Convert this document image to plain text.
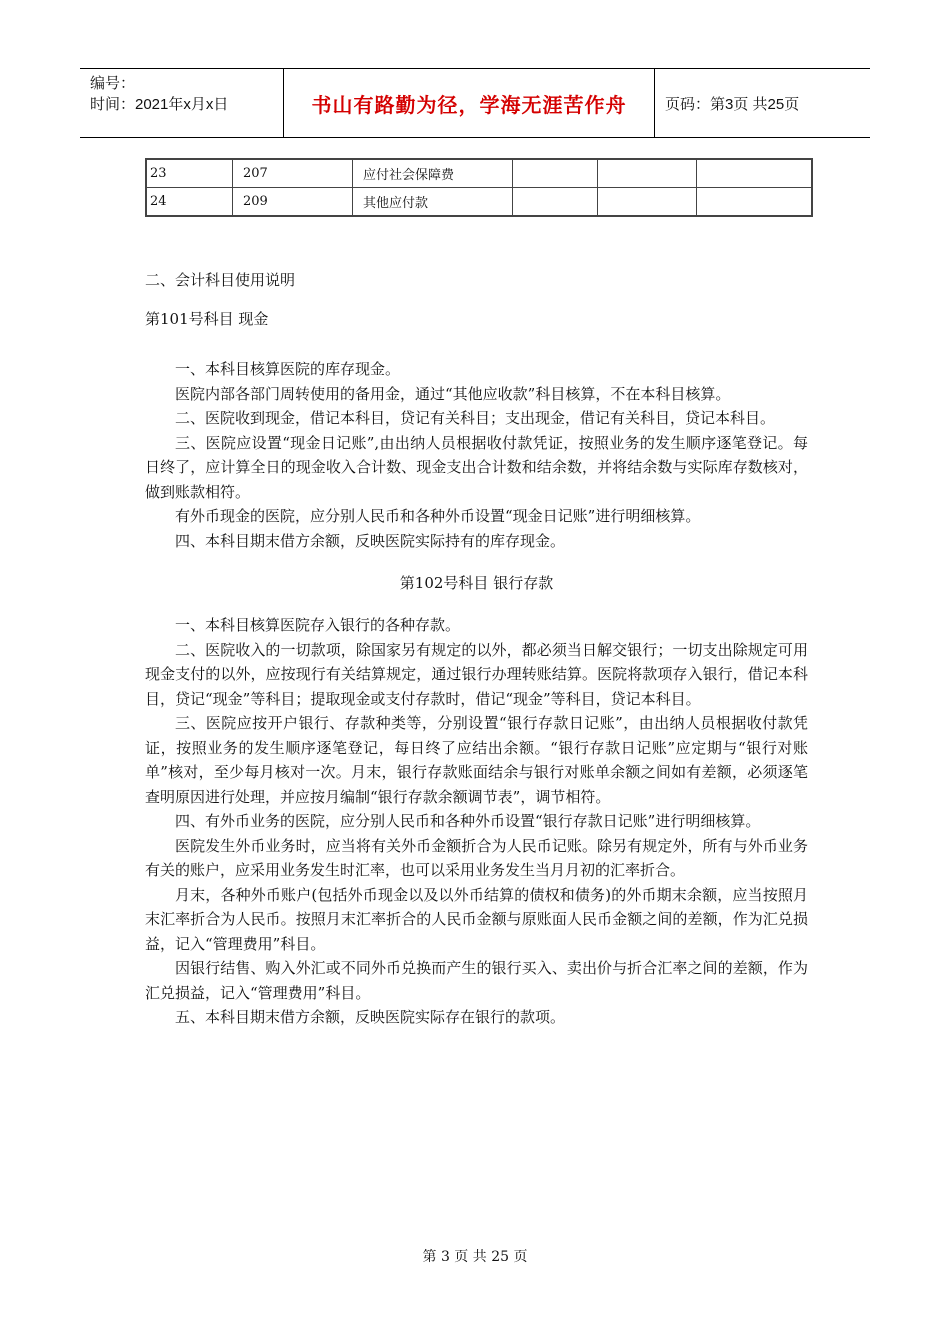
编号：
时间：2021年x月x日	书山有路勤为径，学海无涯苦作舟	页码：第3页 共25页
23	207	应付社会保障费			
24	209	其他应付款			

二、会计科目使用说明

第101号科目 现金

一、本科目核算医院的库存现金。

医院内部各部门周转使用的备用金，通过“其他应收款”科目核算，不在本科目核算。

二、医院收到现金，借记本科目，贷记有关科目；支出现金，借记有关科目，贷记本科目。

三、医院应设置“现金日记账”,由出纳人员根据收付款凭证，按照业务的发生顺序逐笔登记。每日终了，应计算全日的现金收入合计数、现金支出合计数和结余数，并将结余数与实际库存数核对，做到账款相符。

有外币现金的医院，应分别人民币和各种外币设置“现金日记账”进行明细核算。

四、本科目期末借方余额，反映医院实际持有的库存现金。

第102号科目 银行存款

一、本科目核算医院存入银行的各种存款。

二、医院收入的一切款项，除国家另有规定的以外，都必须当日解交银行；一切支出除规定可用现金支付的以外，应按现行有关结算规定，通过银行办理转账结算。医院将款项存入银行，借记本科目，贷记“现金”等科目；提取现金或支付存款时，借记“现金”等科目，贷记本科目。

三、医院应按开户银行、存款种类等，分别设置“银行存款日记账”，由出纳人员根据收付款凭证，按照业务的发生顺序逐笔登记，每日终了应结出余额。“银行存款日记账”应定期与“银行对账单”核对，至少每月核对一次。月末，银行存款账面结余与银行对账单余额之间如有差额，必须逐笔查明原因进行处理，并应按月编制“银行存款余额调节表”，调节相符。

四、有外币业务的医院，应分别人民币和各种外币设置“银行存款日记账”进行明细核算。

医院发生外币业务时，应当将有关外币金额折合为人民币记账。除另有规定外，所有与外币业务有关的账户，应采用业务发生时汇率，也可以采用业务发生当月月初的汇率折合。

月末，各种外币账户(包括外币现金以及以外币结算的债权和债务)的外币期末余额，应当按照月末汇率折合为人民币。按照月末汇率折合的人民币金额与原账面人民币金额之间的差额，作为汇兑损益，记入“管理费用”科目。

因银行结售、购入外汇或不同外币兑换而产生的银行买入、卖出价与折合汇率之间的差额，作为汇兑损益，记入“管理费用”科目。

五、本科目期末借方余额，反映医院实际存在银行的款项。

第 3 页 共 25 页
